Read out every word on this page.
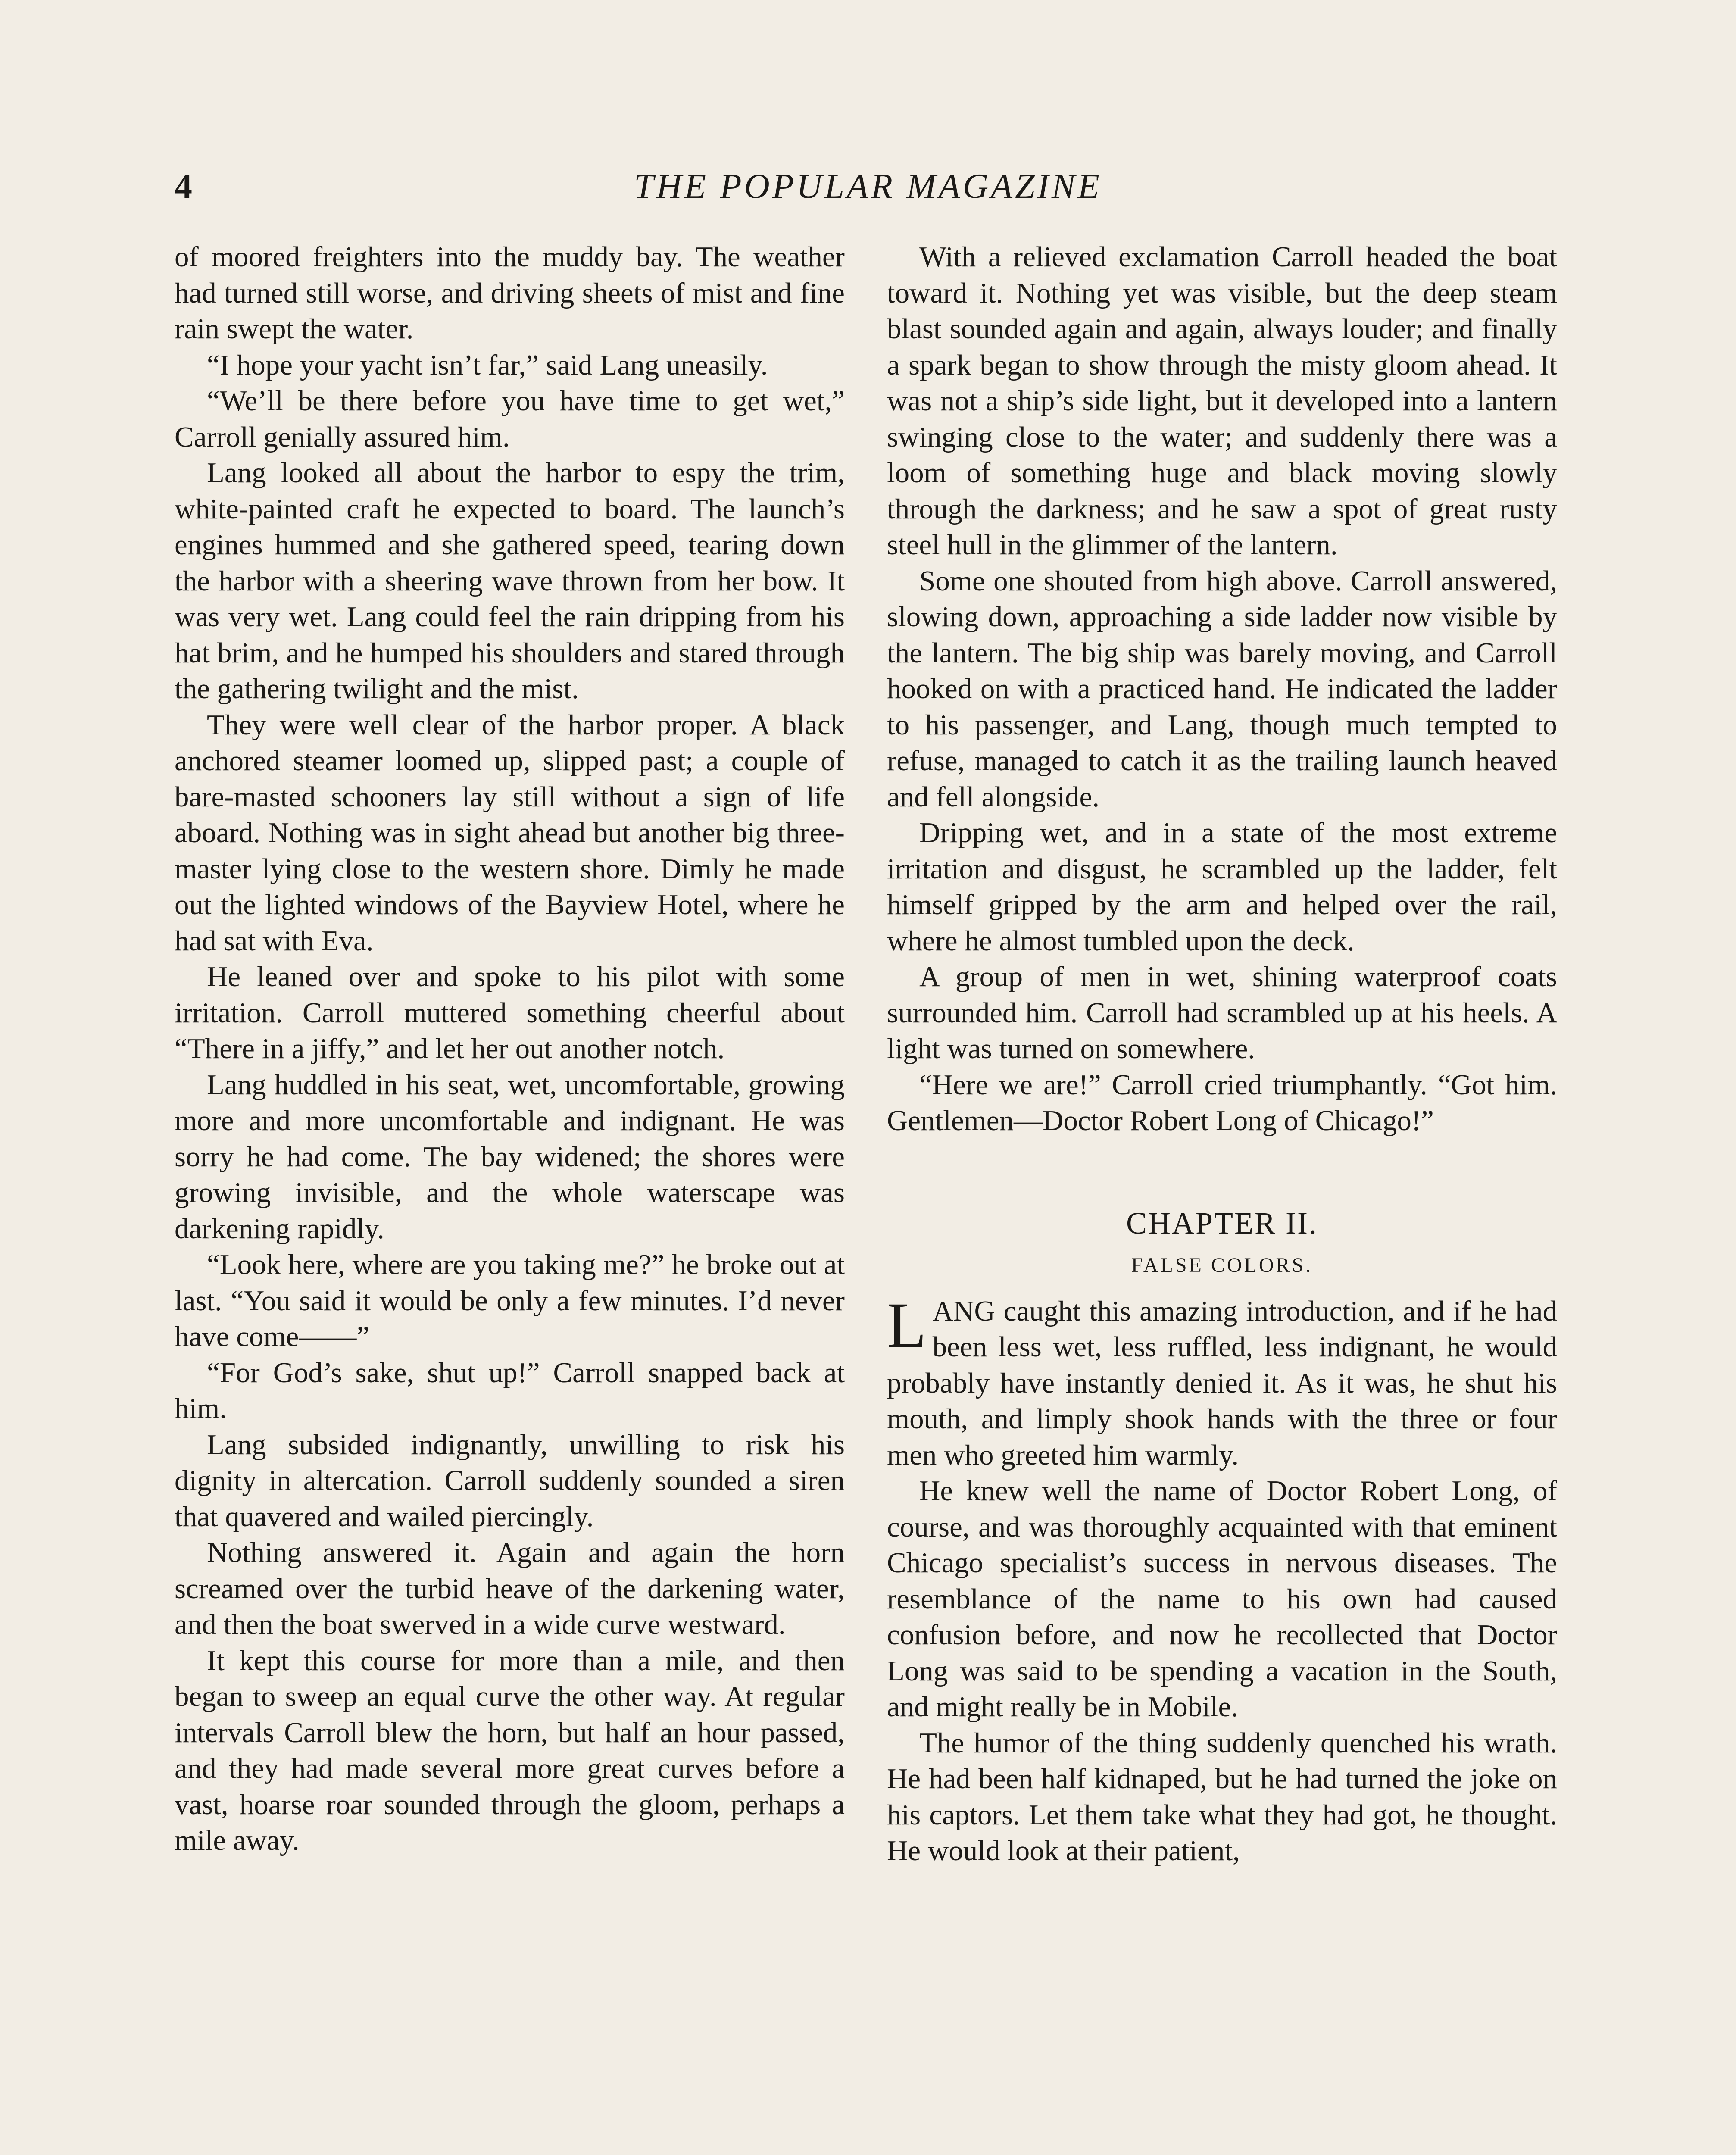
4	THE POPULAR MAGAZINE

of moored freighters into the muddy bay. The weather had turned still worse, and driving sheets of mist and fine rain swept the water.

“I hope your yacht isn’t far,” said Lang uneasily.

“We’ll be there before you have time to get wet,” Carroll genially assured him.

Lang looked all about the harbor to espy the trim, white-painted craft he expected to board. The launch’s engines hummed and she gathered speed, tearing down the harbor with a sheering wave thrown from her bow. It was very wet. Lang could feel the rain dripping from his hat brim, and he humped his shoulders and stared through the gathering twilight and the mist.

They were well clear of the harbor proper. A black anchored steamer loomed up, slipped past; a couple of bare-masted schooners lay still without a sign of life aboard. Nothing was in sight ahead but another big three-master lying close to the western shore. Dimly he made out the lighted windows of the Bayview Hotel, where he had sat with Eva.

He leaned over and spoke to his pilot with some irritation. Carroll muttered something cheerful about “There in a jiffy,” and let her out another notch.

Lang huddled in his seat, wet, uncomfortable, growing more and more uncomfortable and indignant. He was sorry he had come. The bay widened; the shores were growing invisible, and the whole waterscape was darkening rapidly.

“Look here, where are you taking me?” he broke out at last. “You said it would be only a few minutes. I’d never have come——”

“For God’s sake, shut up!” Carroll snapped back at him.

Lang subsided indignantly, unwilling to risk his dignity in altercation. Carroll suddenly sounded a siren that quavered and wailed piercingly.

Nothing answered it. Again and again the horn screamed over the turbid heave of the darkening water, and then the boat swerved in a wide curve westward.

It kept this course for more than a mile, and then began to sweep an equal curve the other way. At regular intervals Carroll blew the horn, but half an hour passed, and they had made several more great curves before a vast, hoarse roar sounded through the gloom, perhaps a mile away.

With a relieved exclamation Carroll headed the boat toward it. Nothing yet was visible, but the deep steam blast sounded again and again, always louder; and finally a spark began to show through the misty gloom ahead. It was not a ship’s side light, but it developed into a lantern swinging close to the water; and suddenly there was a loom of something huge and black moving slowly through the darkness; and he saw a spot of great rusty steel hull in the glimmer of the lantern.

Some one shouted from high above. Carroll answered, slowing down, approaching a side ladder now visible by the lantern. The big ship was barely moving, and Carroll hooked on with a practiced hand. He indicated the ladder to his passenger, and Lang, though much tempted to refuse, managed to catch it as the trailing launch heaved and fell alongside.

Dripping wet, and in a state of the most extreme irritation and disgust, he scrambled up the ladder, felt himself gripped by the arm and helped over the rail, where he almost tumbled upon the deck.

A group of men in wet, shining waterproof coats surrounded him. Carroll had scrambled up at his heels. A light was turned on somewhere.

“Here we are!” Carroll cried triumphantly. “Got him. Gentlemen—Doctor Robert Long of Chicago!”

CHAPTER II.
FALSE COLORS.

LANG caught this amazing introduction, and if he had been less wet, less ruffled, less indignant, he would probably have instantly denied it. As it was, he shut his mouth, and limply shook hands with the three or four men who greeted him warmly.

He knew well the name of Doctor Robert Long, of course, and was thoroughly acquainted with that eminent Chicago specialist’s success in nervous diseases. The resemblance of the name to his own had caused confusion before, and now he recollected that Doctor Long was said to be spending a vacation in the South, and might really be in Mobile.

The humor of the thing suddenly quenched his wrath. He had been half kidnaped, but he had turned the joke on his captors. Let them take what they had got, he thought. He would look at their patient,
